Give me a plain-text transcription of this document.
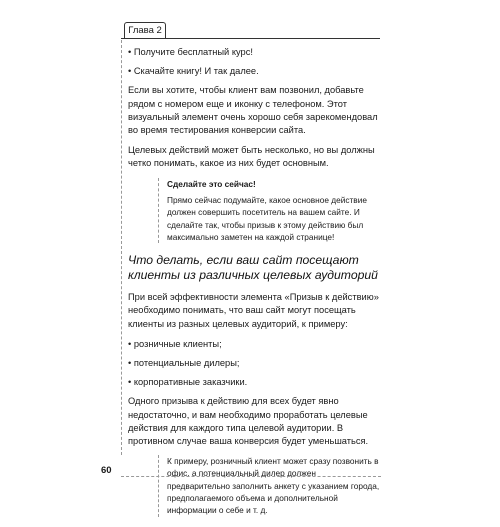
Глава 2
• Получите бесплатный курс!
• Скачайте книгу! И так далее.

Если вы хотите, чтобы клиент вам позвонил, добавьте рядом с номером еще и иконку с телефоном. Этот визуальный элемент очень хорошо себя зарекомендовал во время тестирования конверсии сайта.

Целевых действий может быть несколько, но вы должны четко понимать, какое из них будет основным.

Сделайте это сейчас!
Прямо сейчас подумайте, какое основное действие должен совершить посетитель на вашем сайте. И сделайте так, чтобы призыв к этому действию был максимально заметен на каждой странице!
Что делать, если ваш сайт посещают клиенты из различных целевых аудиторий

При всей эффективности элемента «Призыв к действию» необходимо понимать, что ваш сайт могут посещать клиенты из разных целевых аудиторий, к примеру:

• розничные клиенты;
• потенциальные дилеры;
• корпоративные заказчики.

Одного призыва к действию для всех будет явно недостаточно, и вам необходимо проработать целевые действия для каждого типа целевой аудитории. В противном случае ваша конверсия будет уменьшаться.

К примеру, розничный клиент может сразу позвонить в офис, а потенциальный дилер должен предварительно заполнить анкету с указанием города, предполагаемого объема и дополнительной информации о себе и т. д.
60
